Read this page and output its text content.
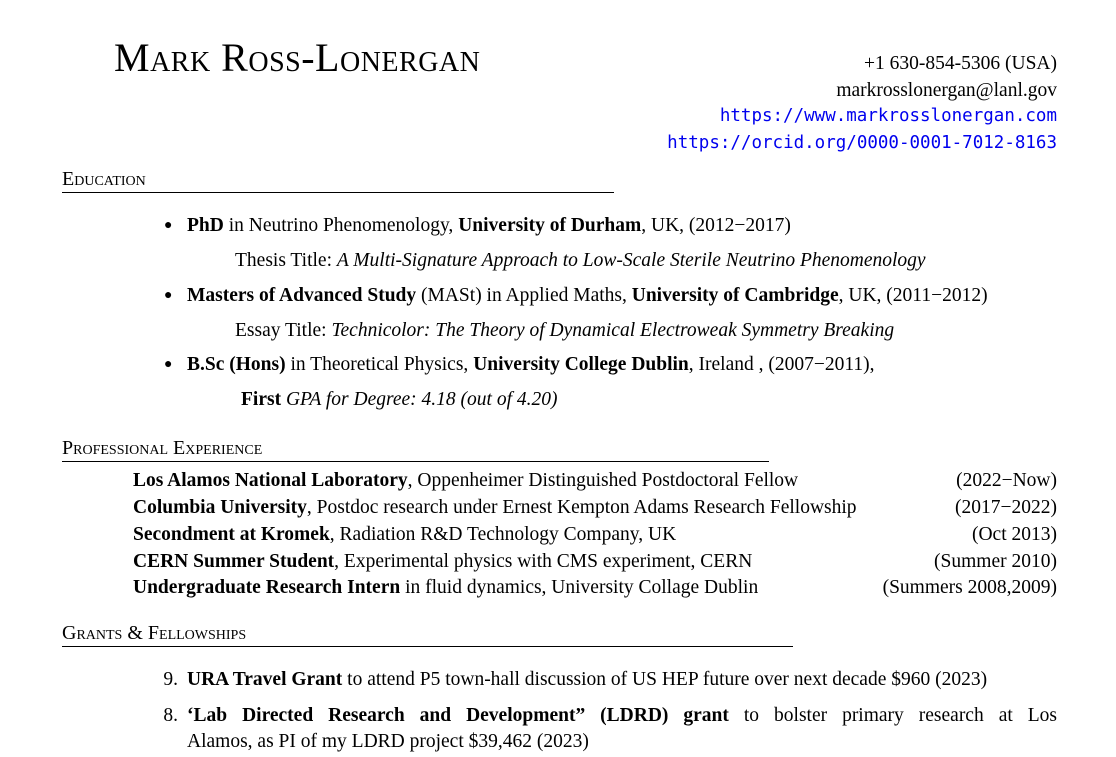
Mark Ross-Lonergan	+1 630-854-5306 (USA)
markrosslonergan@lanl.gov
https://www.markrosslonergan.com
https://orcid.org/0000-0001-7012-8163
Education
● PhD in Neutrino Phenomenology, University of Durham, UK, (2012−2017)
Thesis Title: A Multi-Signature Approach to Low-Scale Sterile Neutrino Phenomenology
● Masters of Advanced Study (MASt) in Applied Maths, University of Cambridge, UK, (2011−2012)
Essay Title: Technicolor: The Theory of Dynamical Electroweak Symmetry Breaking
● B.Sc (Hons) in Theoretical Physics, University College Dublin, Ireland , (2007−2011),
First GPA for Degree: 4.18 (out of 4.20)
Professional Experience
Los Alamos National Laboratory, Oppenheimer Distinguished Postdoctoral Fellow	(2022−Now)
Columbia University, Postdoc research under Ernest Kempton Adams Research Fellowship	(2017−2022)
Secondment at Kromek, Radiation R&D Technology Company, UK	(Oct 2013)
CERN Summer Student, Experimental physics with CMS experiment, CERN	(Summer 2010)
Undergraduate Research Intern in fluid dynamics, University Collage Dublin	(Summers 2008,2009)
Grants & Fellowships
9. URA Travel Grant to attend P5 town-hall discussion of US HEP future over next decade $960 (2023)
8. ‘Lab Directed Research and Development” (LDRD) grant to bolster primary research at Los
Alamos, as PI of my LDRD project $39,462 (2023)
